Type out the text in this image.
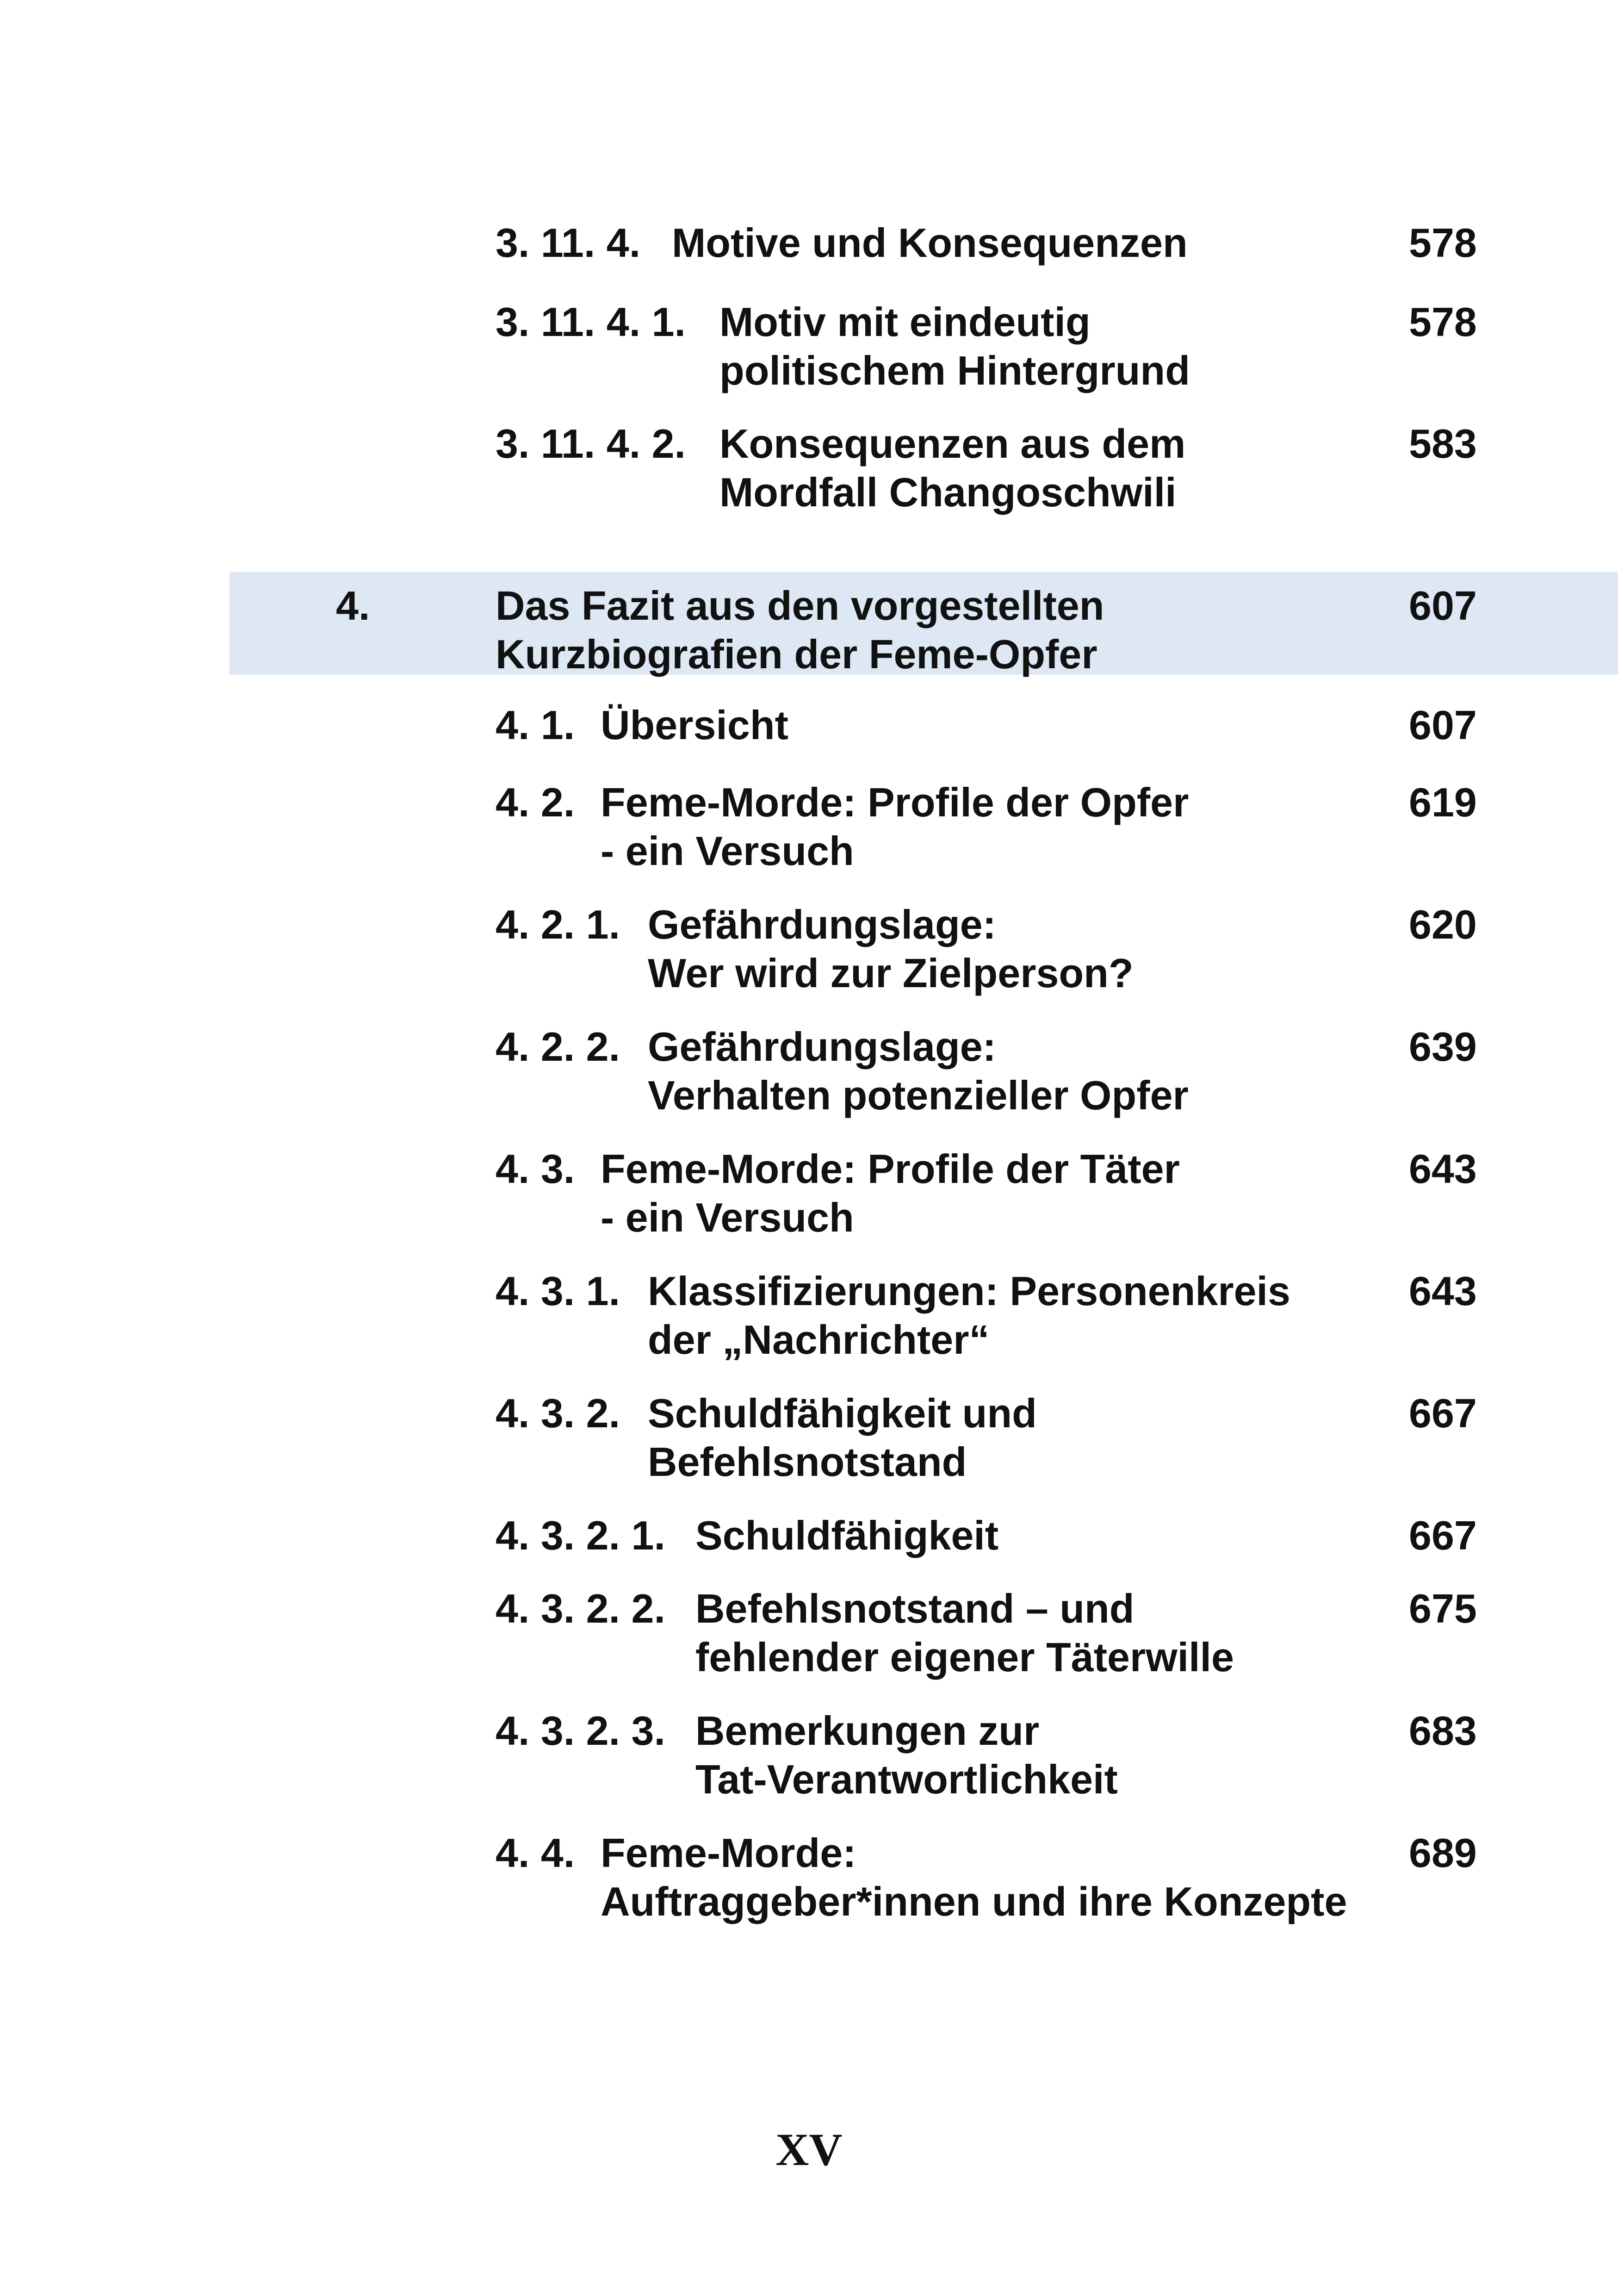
3. 11. 4. Motive und Konsequenzen	578
3. 11. 4. 1. Motiv mit eindeutig	578
politischem Hintergrund
3. 11. 4. 2. Konsequenzen aus dem	583
Mordfall Changoschwili
4.	Das Fazit aus den vorgestellten	607
Kurzbiografien der Feme-Opfer
4. 1. Übersicht	607
4. 2. Feme-Morde: Profile der Opfer	619
- ein Versuch
4. 2. 1. Gefährdungslage:	620
Wer wird zur Zielperson?
4. 2. 2. Gefährdungslage:	639
Verhalten potenzieller Opfer
4. 3. Feme-Morde: Profile der Täter	643
- ein Versuch
4. 3. 1. Klassifizierungen: Personenkreis	643
der „Nachrichter“
4. 3. 2. Schuldfähigkeit und	667
Befehlsnotstand
4. 3. 2. 1. Schuldfähigkeit	667
4. 3. 2. 2. Befehlsnotstand – und	675
fehlender eigener Täterwille
4. 3. 2. 3. Bemerkungen zur	683
Tat-Verantwortlichkeit
4. 4. Feme-Morde:	689
Auftraggeber*innen und ihre Konzepte
XV
